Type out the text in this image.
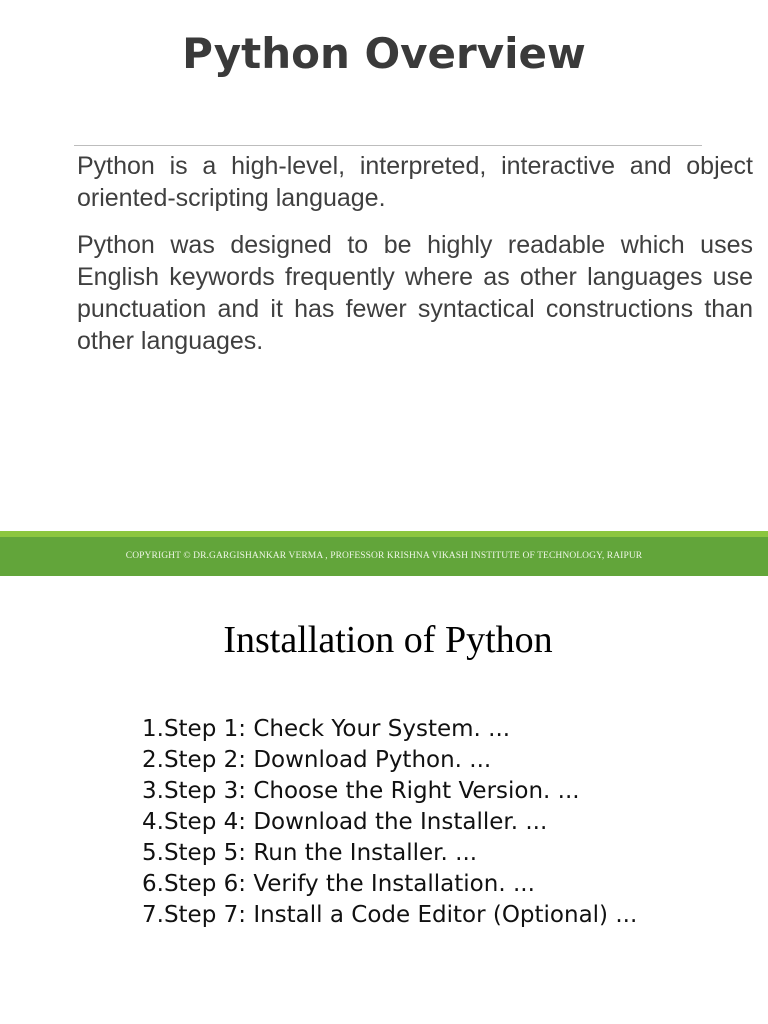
Python Overview

Python is a high-level, interpreted, interactive and object oriented-scripting language.

Python was designed to be highly readable which uses English keywords frequently where as other languages use punctuation and it has fewer syntactical constructions than other languages.

COPYRIGHT © DR.GARGISHANKAR VERMA , PROFESSOR KRISHNA VIKASH INSTITUTE OF TECHNOLOGY, RAIPUR
Installation of Python
1.Step 1: Check Your System. ...
2.Step 2: Download Python. ...
3.Step 3: Choose the Right Version. ...
4.Step 4: Download the Installer. ...
5.Step 5: Run the Installer. ...
6.Step 6: Verify the Installation. ...
7.Step 7: Install a Code Editor (Optional) ...
